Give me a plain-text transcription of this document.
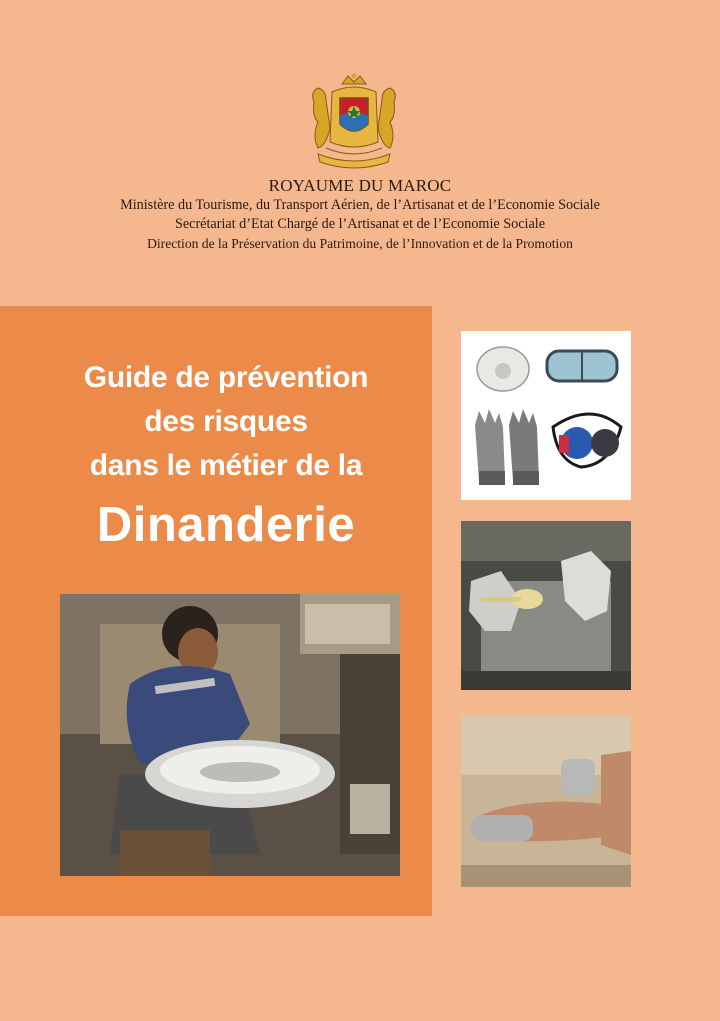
ROYAUME DU MAROC
Ministère du Tourisme, du Transport Aérien, de l’Artisanat et de l’Economie Sociale
Secrétariat d’Etat Chargé de l’Artisanat et de l’Economie Sociale
Direction de la Préservation du Patrimoine, de l’Innovation et de la Promotion
Guide de prévention
des risques
dans le métier de la
Dinanderie
